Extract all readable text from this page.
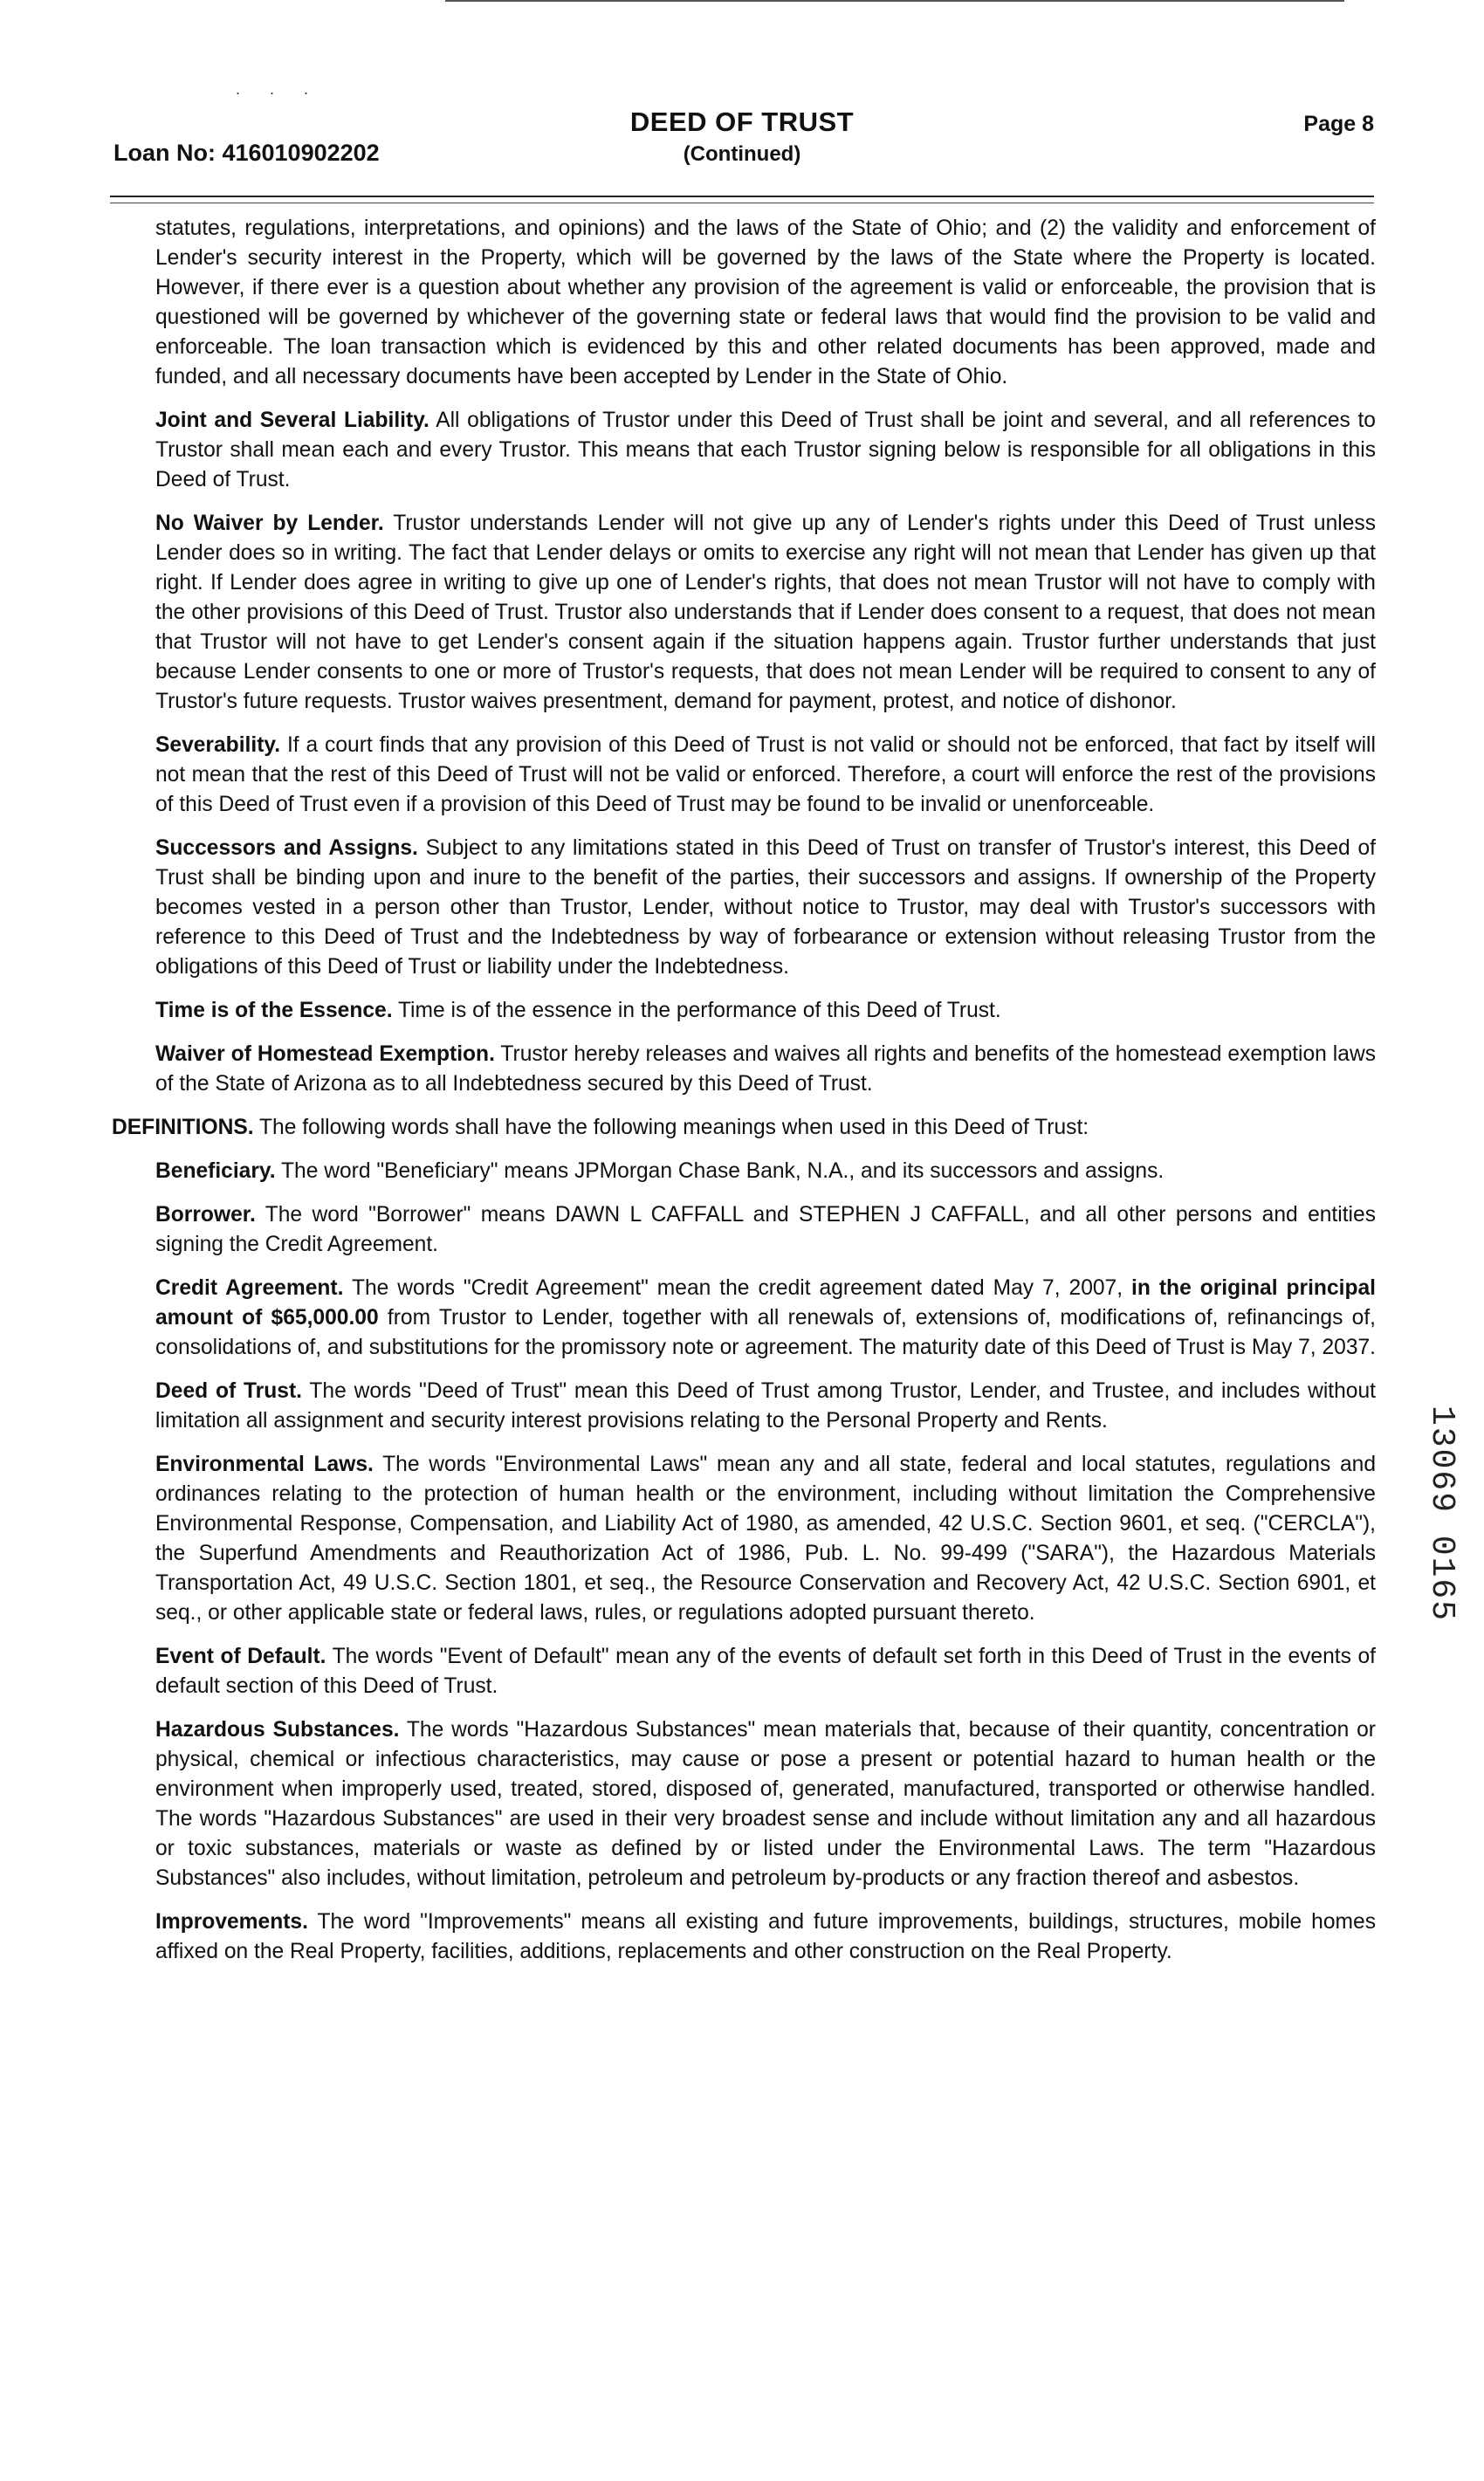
...
Loan No: 416010902202
DEED OF TRUST
(Continued)
Page 8

statutes, regulations, interpretations, and opinions) and the laws of the State of Ohio; and (2) the validity and enforcement of Lender's security interest in the Property, which will be governed by the laws of the State where the Property is located. However, if there ever is a question about whether any provision of the agreement is valid or enforceable, the provision that is questioned will be governed by whichever of the governing state or federal laws that would find the provision to be valid and enforceable. The loan transaction which is evidenced by this and other related documents has been approved, made and funded, and all necessary documents have been accepted by Lender in the State of Ohio.

Joint and Several Liability. All obligations of Trustor under this Deed of Trust shall be joint and several, and all references to Trustor shall mean each and every Trustor. This means that each Trustor signing below is responsible for all obligations in this Deed of Trust.

No Waiver by Lender. Trustor understands Lender will not give up any of Lender's rights under this Deed of Trust unless Lender does so in writing. The fact that Lender delays or omits to exercise any right will not mean that Lender has given up that right. If Lender does agree in writing to give up one of Lender's rights, that does not mean Trustor will not have to comply with the other provisions of this Deed of Trust. Trustor also understands that if Lender does consent to a request, that does not mean that Trustor will not have to get Lender's consent again if the situation happens again. Trustor further understands that just because Lender consents to one or more of Trustor's requests, that does not mean Lender will be required to consent to any of Trustor's future requests. Trustor waives presentment, demand for payment, protest, and notice of dishonor.

Severability. If a court finds that any provision of this Deed of Trust is not valid or should not be enforced, that fact by itself will not mean that the rest of this Deed of Trust will not be valid or enforced. Therefore, a court will enforce the rest of the provisions of this Deed of Trust even if a provision of this Deed of Trust may be found to be invalid or unenforceable.

Successors and Assigns. Subject to any limitations stated in this Deed of Trust on transfer of Trustor's interest, this Deed of Trust shall be binding upon and inure to the benefit of the parties, their successors and assigns. If ownership of the Property becomes vested in a person other than Trustor, Lender, without notice to Trustor, may deal with Trustor's successors with reference to this Deed of Trust and the Indebtedness by way of forbearance or extension without releasing Trustor from the obligations of this Deed of Trust or liability under the Indebtedness.

Time is of the Essence. Time is of the essence in the performance of this Deed of Trust.

Waiver of Homestead Exemption. Trustor hereby releases and waives all rights and benefits of the homestead exemption laws of the State of Arizona as to all Indebtedness secured by this Deed of Trust.

DEFINITIONS. The following words shall have the following meanings when used in this Deed of Trust:

Beneficiary. The word "Beneficiary" means JPMorgan Chase Bank, N.A., and its successors and assigns.

Borrower. The word "Borrower" means DAWN L CAFFALL and STEPHEN J CAFFALL, and all other persons and entities signing the Credit Agreement.

Credit Agreement. The words "Credit Agreement" mean the credit agreement dated May 7, 2007, in the original principal amount of $65,000.00 from Trustor to Lender, together with all renewals of, extensions of, modifications of, refinancings of, consolidations of, and substitutions for the promissory note or agreement. The maturity date of this Deed of Trust is May 7, 2037.

Deed of Trust. The words "Deed of Trust" mean this Deed of Trust among Trustor, Lender, and Trustee, and includes without limitation all assignment and security interest provisions relating to the Personal Property and Rents.

Environmental Laws. The words "Environmental Laws" mean any and all state, federal and local statutes, regulations and ordinances relating to the protection of human health or the environment, including without limitation the Comprehensive Environmental Response, Compensation, and Liability Act of 1980, as amended, 42 U.S.C. Section 9601, et seq. ("CERCLA"), the Superfund Amendments and Reauthorization Act of 1986, Pub. L. No. 99-499 ("SARA"), the Hazardous Materials Transportation Act, 49 U.S.C. Section 1801, et seq., the Resource Conservation and Recovery Act, 42 U.S.C. Section 6901, et seq., or other applicable state or federal laws, rules, or regulations adopted pursuant thereto.

Event of Default. The words "Event of Default" mean any of the events of default set forth in this Deed of Trust in the events of default section of this Deed of Trust.

Hazardous Substances. The words "Hazardous Substances" mean materials that, because of their quantity, concentration or physical, chemical or infectious characteristics, may cause or pose a present or potential hazard to human health or the environment when improperly used, treated, stored, disposed of, generated, manufactured, transported or otherwise handled. The words "Hazardous Substances" are used in their very broadest sense and include without limitation any and all hazardous or toxic substances, materials or waste as defined by or listed under the Environmental Laws. The term "Hazardous Substances" also includes, without limitation, petroleum and petroleum by-products or any fraction thereof and asbestos.

Improvements. The word "Improvements" means all existing and future improvements, buildings, structures, mobile homes affixed on the Real Property, facilities, additions, replacements and other construction on the Real Property.

13069 0165
